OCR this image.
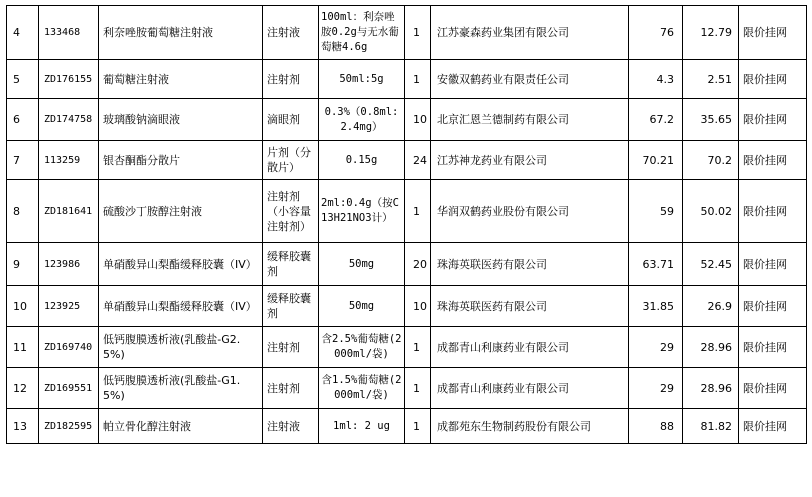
4	133468	利奈唑胺葡萄糖注射液	注射液	100ml：利奈唑胺0.2g与无水葡萄糖4.6g	1	江苏豪森药业集团有限公司	76	12.79	限价挂网
5	ZD176155	葡萄糖注射液	注射剂	50ml:5g	1	安徽双鹤药业有限责任公司	4.3	2.51	限价挂网
6	ZD174758	玻璃酸钠滴眼液	滴眼剂	0.3%（0.8ml:2.4mg）	10	北京汇恩兰德制药有限公司	67.2	35.65	限价挂网
7	113259	银杏酮酯分散片	片剂（分散片）	0.15g	24	江苏神龙药业有限公司	70.21	70.2	限价挂网
8	ZD181641	硫酸沙丁胺醇注射液	注射剂（小容量注射剂）	2ml:0.4g（按C13H21NO3计）	1	华润双鹤药业股份有限公司	59	50.02	限价挂网
9	123986	单硝酸异山梨酯缓释胶囊（IV）	缓释胶囊剂	50mg	20	珠海英联医药有限公司	63.71	52.45	限价挂网
10	123925	单硝酸异山梨酯缓释胶囊（IV）	缓释胶囊剂	50mg	10	珠海英联医药有限公司	31.85	26.9	限价挂网
11	ZD169740	低钙腹膜透析液(乳酸盐-G2.5%)	注射剂	含2.5%葡萄糖(2000ml/袋)	1	成都青山利康药业有限公司	29	28.96	限价挂网
12	ZD169551	低钙腹膜透析液(乳酸盐-G1.5%)	注射剂	含1.5%葡萄糖(2000ml/袋)	1	成都青山利康药业有限公司	29	28.96	限价挂网
13	ZD182595	帕立骨化醇注射液	注射液	1ml: 2 ug	1	成都苑东生物制药股份有限公司	88	81.82	限价挂网
